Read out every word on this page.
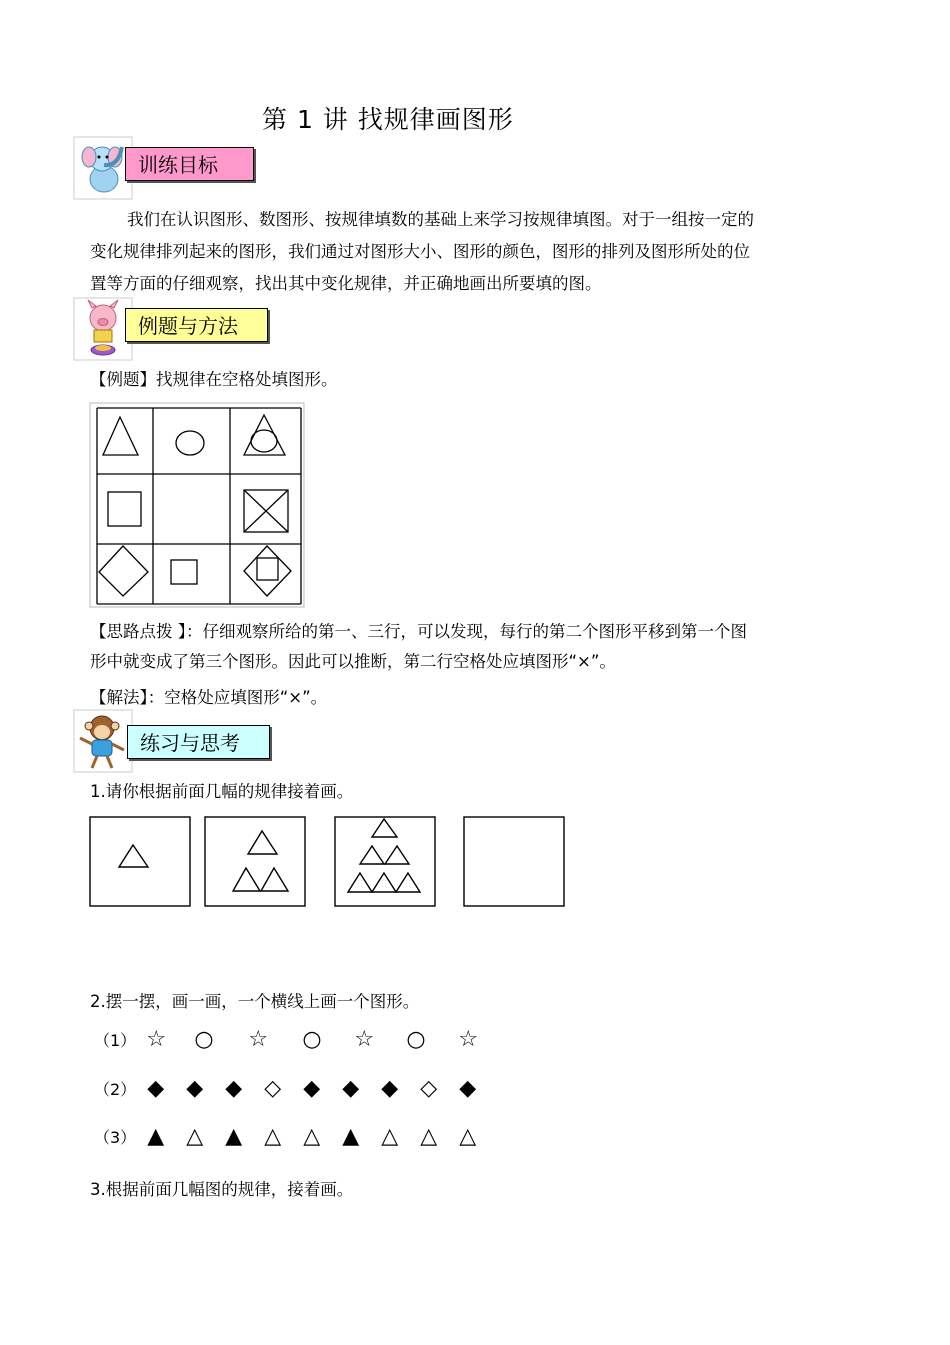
第 1 讲 找规律画图形
训练目标
我们在认识图形、数图形、按规律填数的基础上来学习按规律填图。对于一组按一定的
变化规律排列起来的图形，我们通过对图形大小、图形的颜色，图形的排列及图形所处的位
置等方面的仔细观察，找出其中变化规律，并正确地画出所要填的图。
例题与方法
【例题】找规律在空格处填图形。
【思路点拨 】：仔细观察所给的第一、三行，可以发现，每行的第二个图形平移到第一个图
形中就变成了第三个图形。因此可以推断，第二行空格处应填图形“×”。
【解法】：空格处应填图形“×”。
练习与思考
1.请你根据前面几幅的规律接着画。
2.摆一摆，画一画，一个横线上画一个图形。
（1） ☆ ○ ☆ ○ ☆ ○ ☆
（2） ◆ ◆ ◆ ◇ ◆ ◆ ◆ ◇ ◆
（3） ▲ △ ▲ △ △ ▲ △ △ △
3.根据前面几幅图的规律，接着画。
